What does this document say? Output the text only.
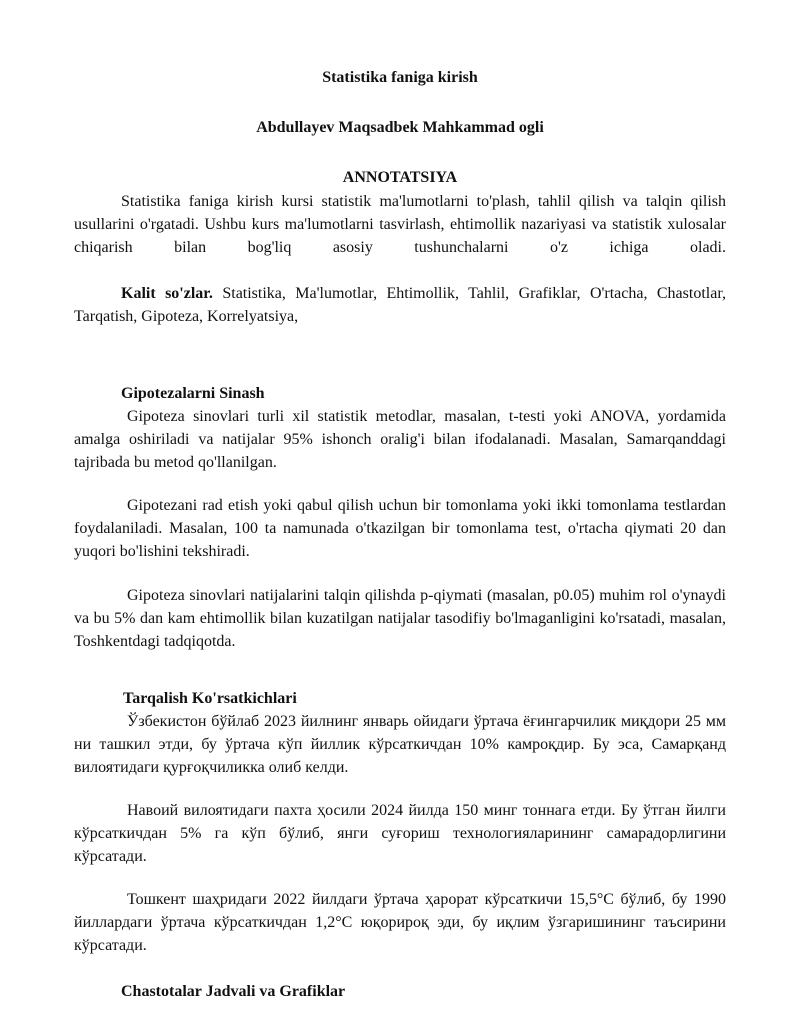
Statistika faniga kirish

Abdullayev Maqsadbek Mahkammad ogli

ANNOTATSIYA

Statistika faniga kirish kursi statistik ma'lumotlarni to'plash, tahlil qilish va talqin qilish usullarini o'rgatadi. Ushbu kurs ma'lumotlarni tasvirlash, ehtimollik nazariyasi va statistik xulosalar chiqarish bilan bog'liq asosiy tushunchalarni o'z ichiga oladi.

Kalit so'zlar. Statistika, Ma'lumotlar, Ehtimollik, Tahlil, Grafiklar, O'rtacha, Chastotlar, Tarqatish, Gipoteza, Korrelyatsiya,

Gipotezalarni Sinash

Gipoteza sinovlari turli xil statistik metodlar, masalan, t-testi yoki ANOVA, yordamida amalga oshiriladi va natijalar 95% ishonch oralig'i bilan ifodalanadi. Masalan, Samarqanddagi tajribada bu metod qo'llanilgan.

Gipotezani rad etish yoki qabul qilish uchun bir tomonlama yoki ikki tomonlama testlardan foydalaniladi. Masalan, 100 ta namunada o'tkazilgan bir tomonlama test, o'rtacha qiymati 20 dan yuqori bo'lishini tekshiradi.

Gipoteza sinovlari natijalarini talqin qilishda p-qiymati (masalan, p0.05) muhim rol o'ynaydi va bu 5% dan kam ehtimollik bilan kuzatilgan natijalar tasodifiy bo'lmaganligini ko'rsatadi, masalan, Toshkentdagi tadqiqotda.

Tarqalish Ko'rsatkichlari

Ўзбекистон бўйлаб 2023 йилнинг январь ойидаги ўртача ёғингарчилик миқдори 25 мм ни ташкил этди, бу ўртача кўп йиллик кўрсаткичдан 10% камроқдир. Бу эса, Самарқанд вилоятидаги қурғоқчиликка олиб келди.

Навоий вилоятидаги пахта ҳосили 2024 йилда 150 минг тоннага етди. Бу ўтган йилги кўрсаткичдан 5% га кўп бўлиб, янги суғориш технологияларининг самарадорлигини кўрсатади.

Тошкент шаҳридаги 2022 йилдаги ўртача ҳарорат кўрсаткичи 15,5°C бўлиб, бу 1990 йиллардаги ўртача кўрсаткичдан 1,2°C юқорироқ эди, бу иқлим ўзгаришининг таъсирини кўрсатади.

Chastotalar Jadvali va Grafiklar
